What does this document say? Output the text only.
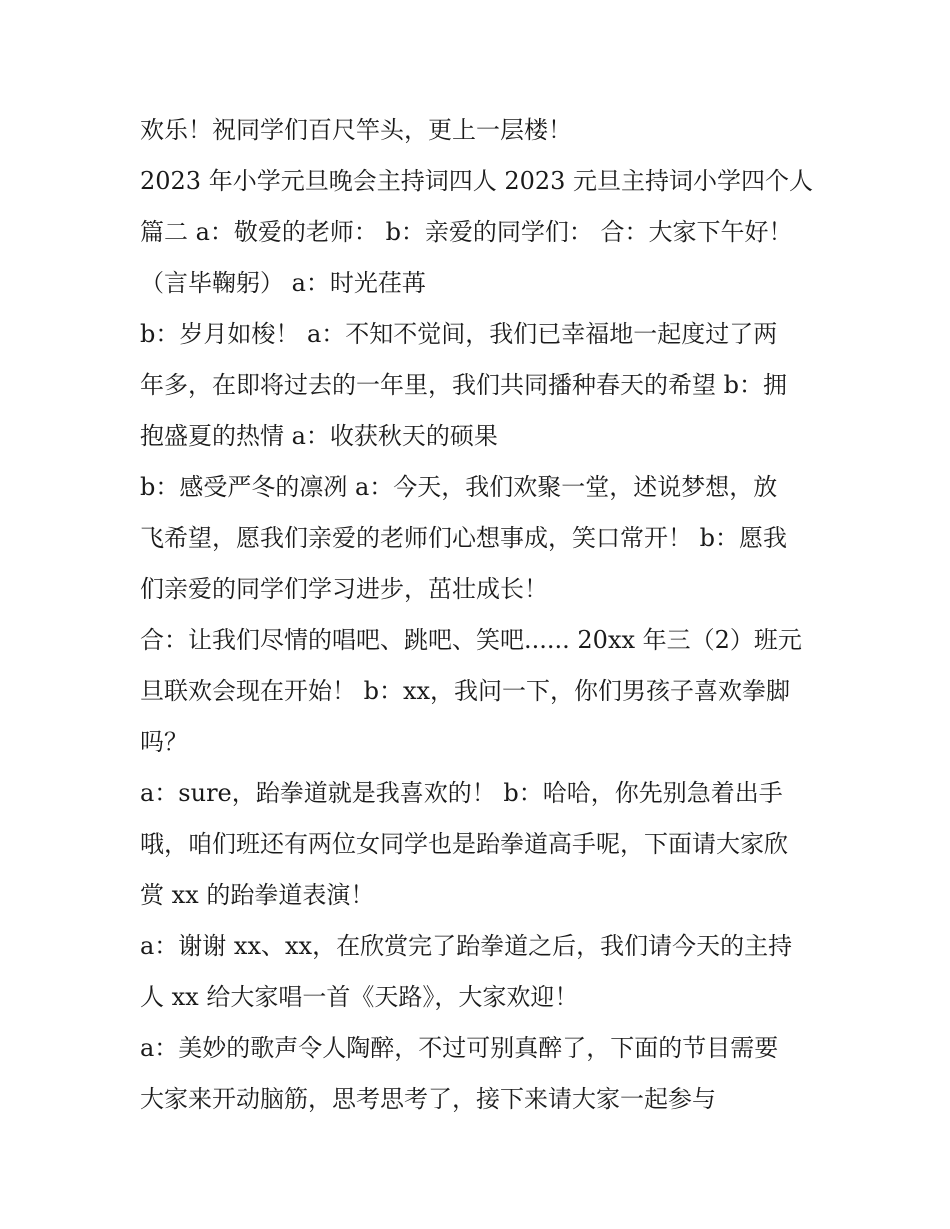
欢乐！祝同学们百尺竿头，更上一层楼！
2023 年小学元旦晚会主持词四人 2023 元旦主持词小学四个人
篇二 a：敬爱的老师： b：亲爱的同学们： 合：大家下午好！
（言毕鞠躬） a：时光荏苒
b：岁月如梭！ a：不知不觉间，我们已幸福地一起度过了两
年多，在即将过去的一年里，我们共同播种春天的希望 b：拥
抱盛夏的热情 a：收获秋天的硕果
b：感受严冬的凛冽 a：今天，我们欢聚一堂，述说梦想，放
飞希望，愿我们亲爱的老师们心想事成，笑口常开！ b：愿我
们亲爱的同学们学习进步，茁壮成长！
合：让我们尽情的唱吧、跳吧、笑吧...... 20xx 年三（2）班元
旦联欢会现在开始！ b：xx，我问一下，你们男孩子喜欢拳脚
吗？
a：sure，跆拳道就是我喜欢的！ b：哈哈，你先别急着出手
哦，咱们班还有两位女同学也是跆拳道高手呢，下面请大家欣
赏 xx 的跆拳道表演！
a：谢谢 xx、xx，在欣赏完了跆拳道之后，我们请今天的主持
人 xx 给大家唱一首《天路》，大家欢迎！
a：美妙的歌声令人陶醉，不过可别真醉了，下面的节目需要
大家来开动脑筋，思考思考了，接下来请大家一起参与
